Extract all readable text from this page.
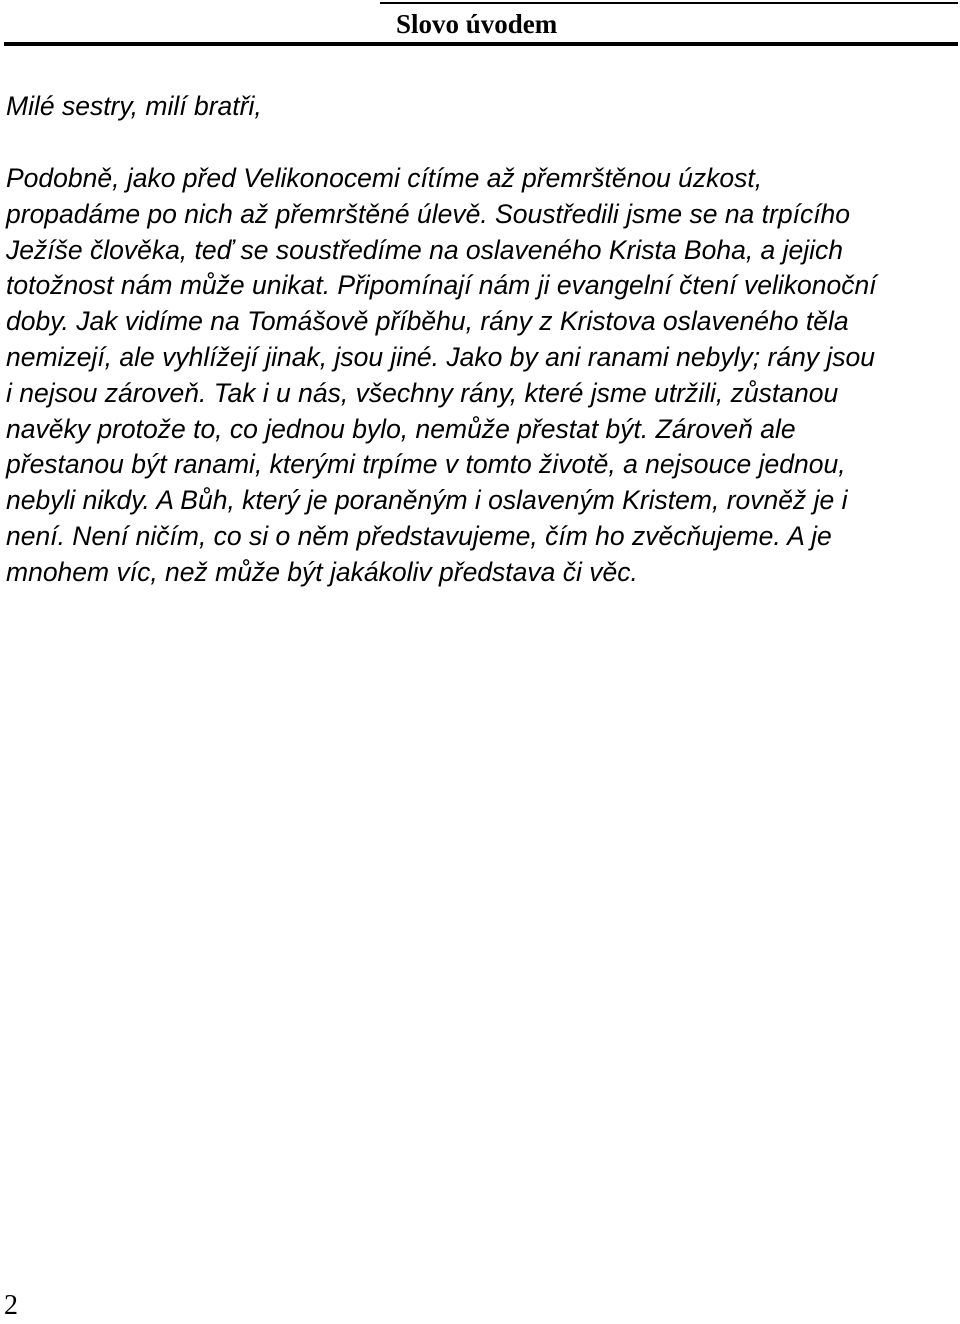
Slovo úvodem
Milé sestry, milí bratři,
Podobně, jako před Velikonocemi cítíme až přemrštěnou úzkost,
propadáme po nich až přemrštěné úlevě. Soustředili jsme se na trpícího
Ježíše člověka, teď se soustředíme na oslaveného Krista Boha, a jejich
totožnost nám může unikat. Připomínají nám ji evangelní čtení velikonoční
doby. Jak vidíme na Tomášově příběhu, rány z Kristova oslaveného těla
nemizejí, ale vyhlížejí jinak, jsou jiné. Jako by ani ranami nebyly; rány jsou
i nejsou zároveň. Tak i u nás, všechny rány, které jsme utržili, zůstanou
navěky protože to, co jednou bylo, nemůže přestat být. Zároveň ale
přestanou být ranami, kterými trpíme v tomto životě, a nejsouce jednou,
nebyli nikdy. A Bůh, který je poraněným i oslaveným Kristem, rovněž je i
není. Není ničím, co si o něm představujeme, čím ho zvěcňujeme. A je
mnohem víc, než může být jakákoliv představa či věc.
2
